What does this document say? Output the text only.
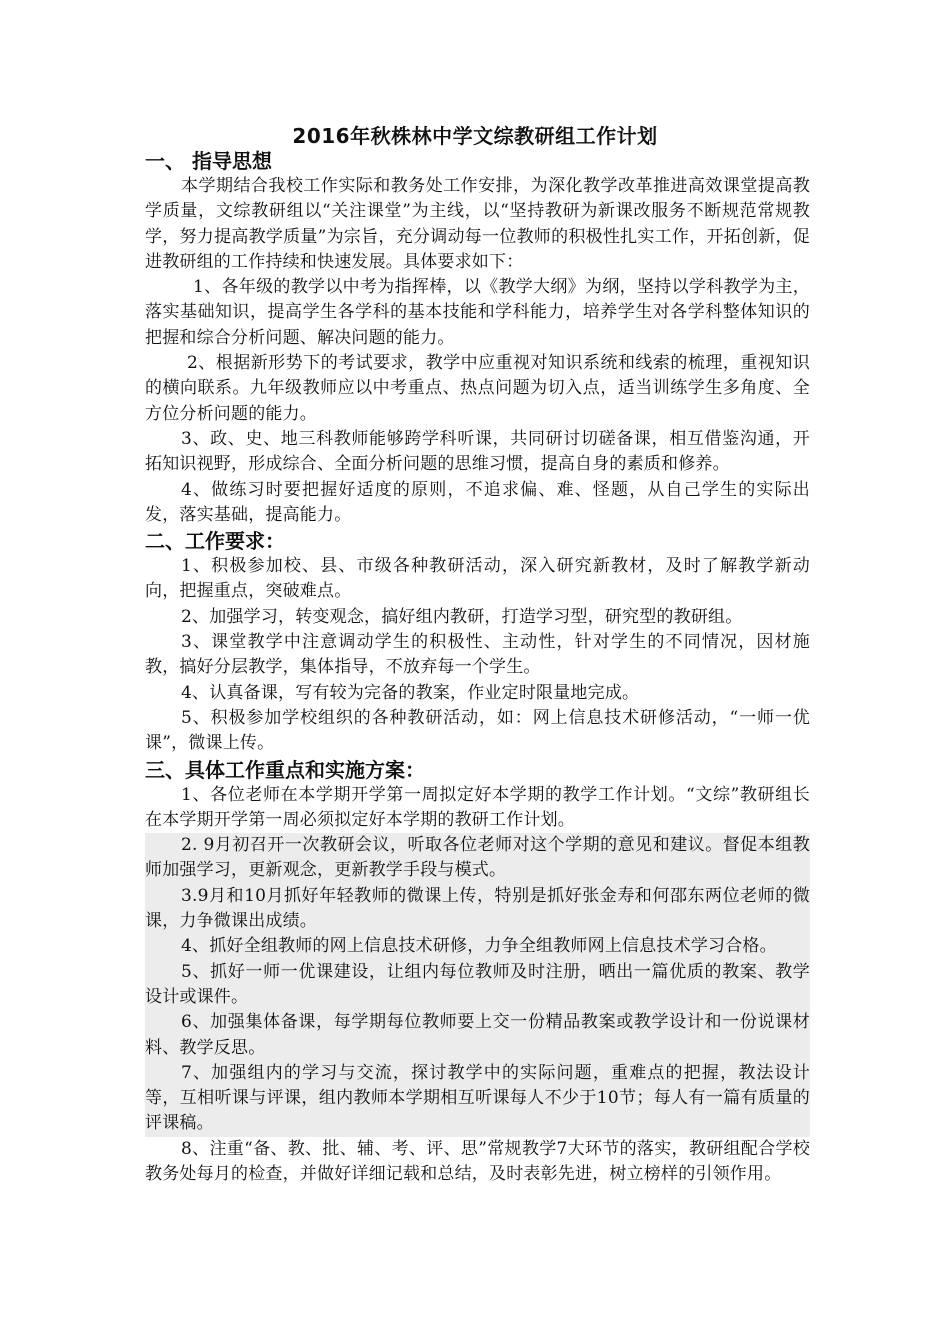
2016年秋株林中学文综教研组工作计划
一、 指导思想

本学期结合我校工作实际和教务处工作安排，为深化教学改革推进高效课堂提高教学质量，文综教研组以“关注课堂”为主线，以“坚持教研为新课改服务不断规范常规教学，努力提高教学质量”为宗旨，充分调动每一位教师的积极性扎实工作，开拓创新，促进教研组的工作持续和快速发展。具体要求如下：

1、各年级的教学以中考为指挥棒，以《教学大纲》为纲，坚持以学科教学为主，落实基础知识，提高学生各学科的基本技能和学科能力，培养学生对各学科整体知识的把握和综合分析问题、解决问题的能力。

2、根据新形势下的考试要求，教学中应重视对知识系统和线索的梳理，重视知识的横向联系。九年级教师应以中考重点、热点问题为切入点，适当训练学生多角度、全方位分析问题的能力。

3、政、史、地三科教师能够跨学科听课，共同研讨切磋备课，相互借鉴沟通，开拓知识视野，形成综合、全面分析问题的思维习惯，提高自身的素质和修养。

4、做练习时要把握好适度的原则，不追求偏、难、怪题，从自己学生的实际出发，落实基础，提高能力。

二、工作要求：

1、积极参加校、县、市级各种教研活动，深入研究新教材，及时了解教学新动向，把握重点，突破难点。

2、加强学习，转变观念，搞好组内教研，打造学习型，研究型的教研组。

3、课堂教学中注意调动学生的积极性、主动性，针对学生的不同情况，因材施教，搞好分层教学，集体指导，不放弃每一个学生。

4、认真备课，写有较为完备的教案，作业定时限量地完成。

5、积极参加学校组织的各种教研活动，如：网上信息技术研修活动，“一师一优课”，微课上传。

三、具体工作重点和实施方案：

1、各位老师在本学期开学第一周拟定好本学期的教学工作计划。“文综”教研组长在本学期开学第一周必须拟定好本学期的教研工作计划。

2. 9月初召开一次教研会议，听取各位老师对这个学期的意见和建议。督促本组教师加强学习，更新观念，更新教学手段与模式。

3.9月和10月抓好年轻教师的微课上传，特别是抓好张金寿和何邵东两位老师的微课，力争微课出成绩。

4、抓好全组教师的网上信息技术研修，力争全组教师网上信息技术学习合格。

5、抓好一师一优课建设，让组内每位教师及时注册，晒出一篇优质的教案、教学设计或课件。

6、加强集体备课，每学期每位教师要上交一份精品教案或教学设计和一份说课材料、教学反思。

7、加强组内的学习与交流，探讨教学中的实际问题，重难点的把握，教法设计等，互相听课与评课，组内教师本学期相互听课每人不少于10节；每人有一篇有质量的评课稿。

8、注重“备、教、批、辅、考、评、思”常规教学7大环节的落实，教研组配合学校教务处每月的检查，并做好详细记载和总结，及时表彰先进，树立榜样的引领作用。
